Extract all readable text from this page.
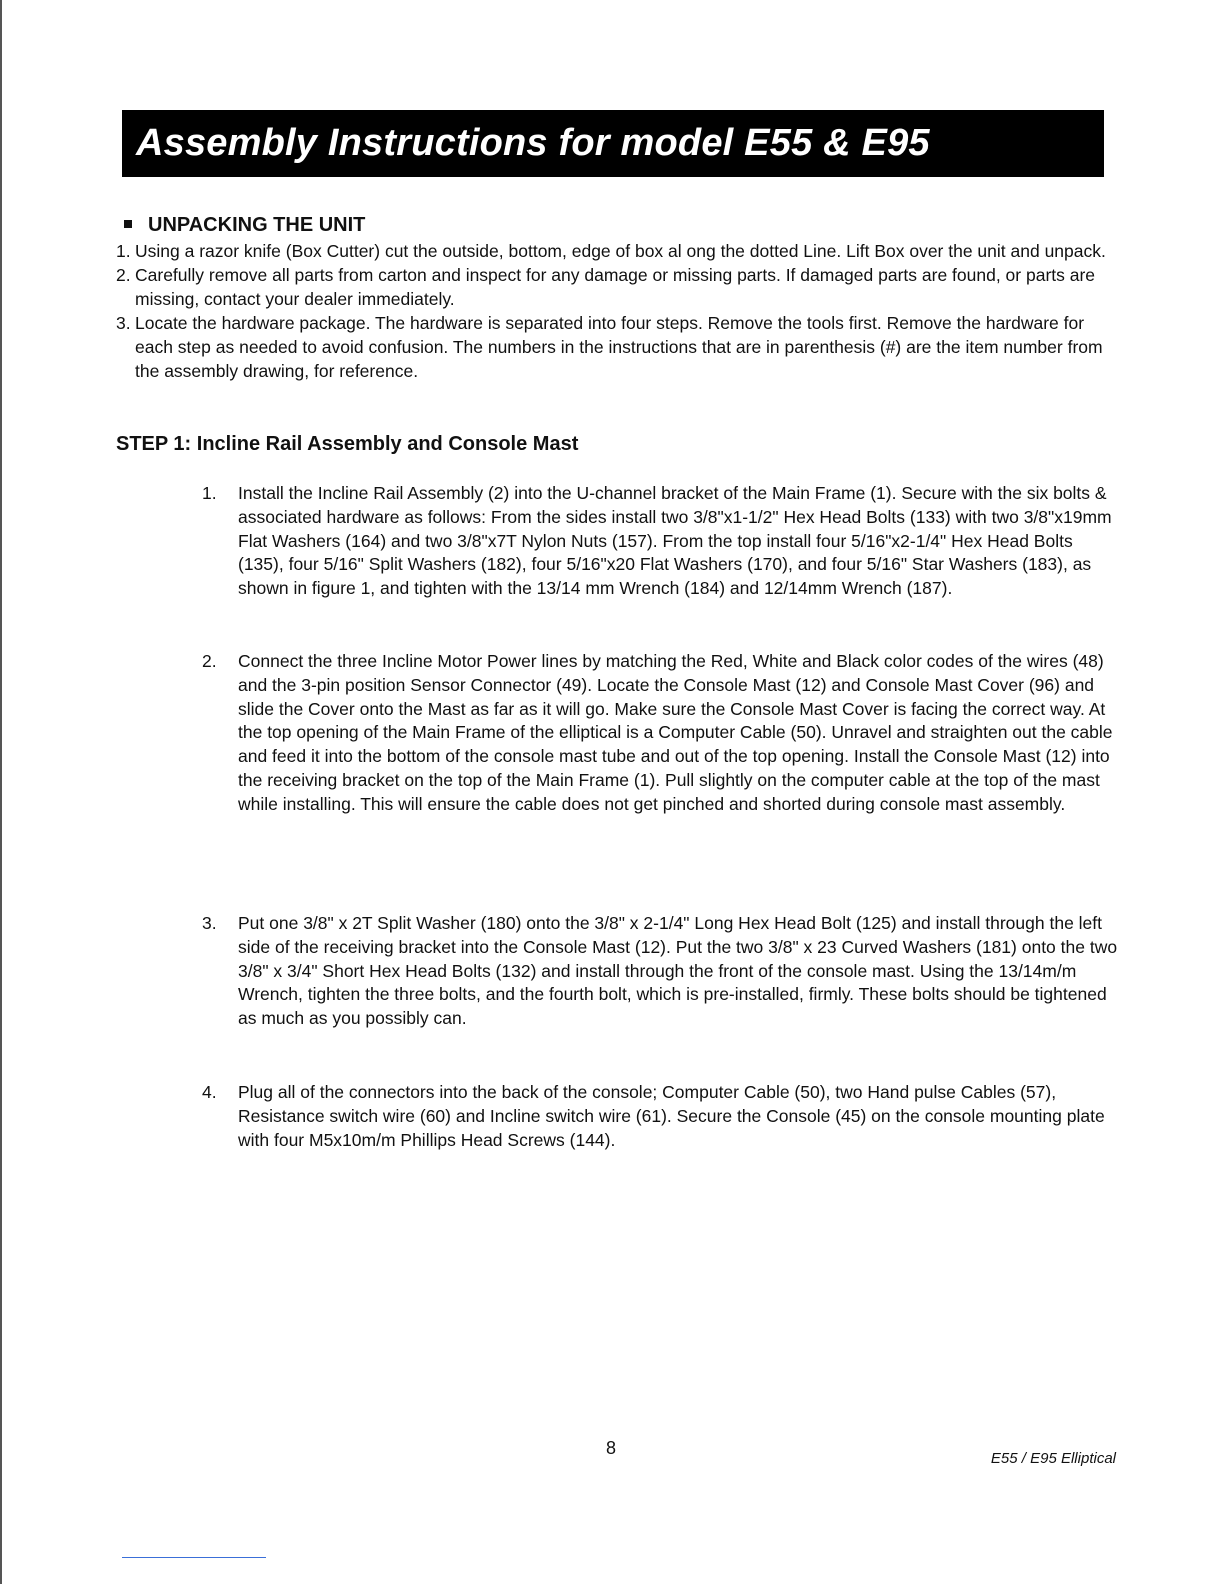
Assembly Instructions for model E55 & E95
UNPACKING THE UNIT
1. Using a razor knife (Box Cutter) cut the outside, bottom, edge of box al ong the dotted Line. Lift Box over the unit and unpack.
2. Carefully remove all parts from carton and inspect for any damage or missing parts. If damaged parts are found, or parts are missing, contact your dealer immediately.
3. Locate the hardware package. The hardware is separated into four steps. Remove the tools first. Remove the hardware for each step as needed to avoid confusion. The numbers in the instructions that are in parenthesis (#) are the item number from the assembly drawing, for reference.
STEP 1: Incline Rail Assembly and Console Mast
1. Install the Incline Rail Assembly (2) into the U-channel bracket of the Main Frame (1). Secure with the six bolts & associated hardware as follows: From the sides install two 3/8"x1-1/2" Hex Head Bolts (133) with two 3/8"x19mm Flat Washers (164) and two 3/8"x7T Nylon Nuts (157). From the top install four 5/16"x2-1/4" Hex Head Bolts (135), four 5/16" Split Washers (182), four 5/16"x20 Flat Washers (170), and four 5/16" Star Washers (183), as shown in figure 1, and tighten with the 13/14 mm Wrench (184) and 12/14mm Wrench (187).
2. Connect the three Incline Motor Power lines by matching the Red, White and Black color codes of the wires (48) and the 3-pin position Sensor Connector (49). Locate the Console Mast (12) and Console Mast Cover (96) and slide the Cover onto the Mast as far as it will go. Make sure the Console Mast Cover is facing the correct way. At the top opening of the Main Frame of the elliptical is a Computer Cable (50). Unravel and straighten out the cable and feed it into the bottom of the console mast tube and out of the top opening. Install the Console Mast (12) into the receiving bracket on the top of the Main Frame (1). Pull slightly on the computer cable at the top of the mast while installing. This will ensure the cable does not get pinched and shorted during console mast assembly.
3. Put one 3/8" x 2T Split Washer (180) onto the 3/8" x 2-1/4" Long Hex Head Bolt (125) and install through the left side of the receiving bracket into the Console Mast (12). Put the two 3/8" x 23 Curved Washers (181) onto the two 3/8" x 3/4" Short Hex Head Bolts (132) and install through the front of the console mast. Using the 13/14m/m Wrench, tighten the three bolts, and the fourth bolt, which is pre-installed, firmly. These bolts should be tightened as much as you possibly can.
4. Plug all of the connectors into the back of the console; Computer Cable (50), two Hand pulse Cables (57), Resistance switch wire (60) and Incline switch wire (61). Secure the Console (45) on the console mounting plate with four M5x10m/m Phillips Head Screws (144).
8
E55 / E95 Elliptical
